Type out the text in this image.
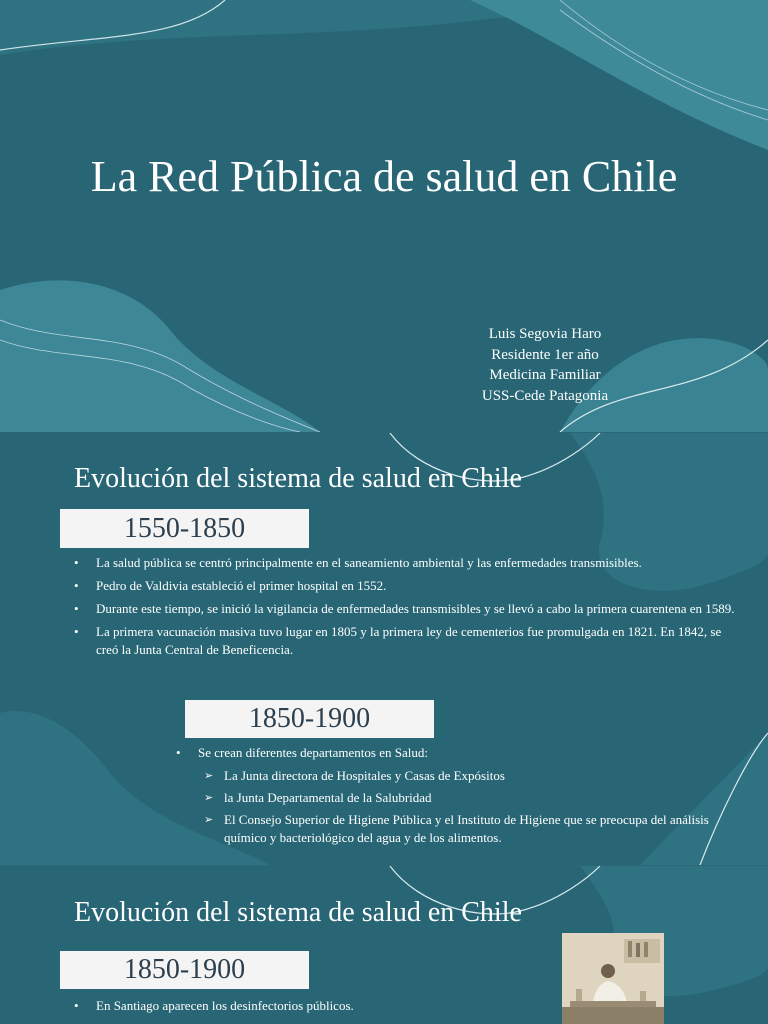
La Red Pública de salud en Chile
Luis Segovia Haro
Residente 1er año
Medicina Familiar
USS-Cede Patagonia
Evolución del sistema de salud en Chile
1550-1850
• La salud pública se centró principalmente en el saneamiento ambiental y las enfermedades transmisibles.
• Pedro de Valdivia estableció el primer hospital en 1552.
• Durante este tiempo, se inició la vigilancia de enfermedades transmisibles y se llevó a cabo la primera cuarentena en 1589.
• La primera vacunación masiva tuvo lugar en 1805 y la primera ley de cementerios fue promulgada en 1821. En 1842, se creó la Junta Central de Beneficencia.
1850-1900
• Se crean diferentes departamentos en Salud:
➢ La Junta directora de Hospitales y Casas de Expósitos
➢ la Junta Departamental de la Salubridad
➢ El Consejo Superior de Higiene Pública y el Instituto de Higiene que se preocupa del análisis químico y bacteriológico del agua y de los alimentos.
Evolución del sistema de salud en Chile
1850-1900
• En Santiago aparecen los desinfectorios públicos.
